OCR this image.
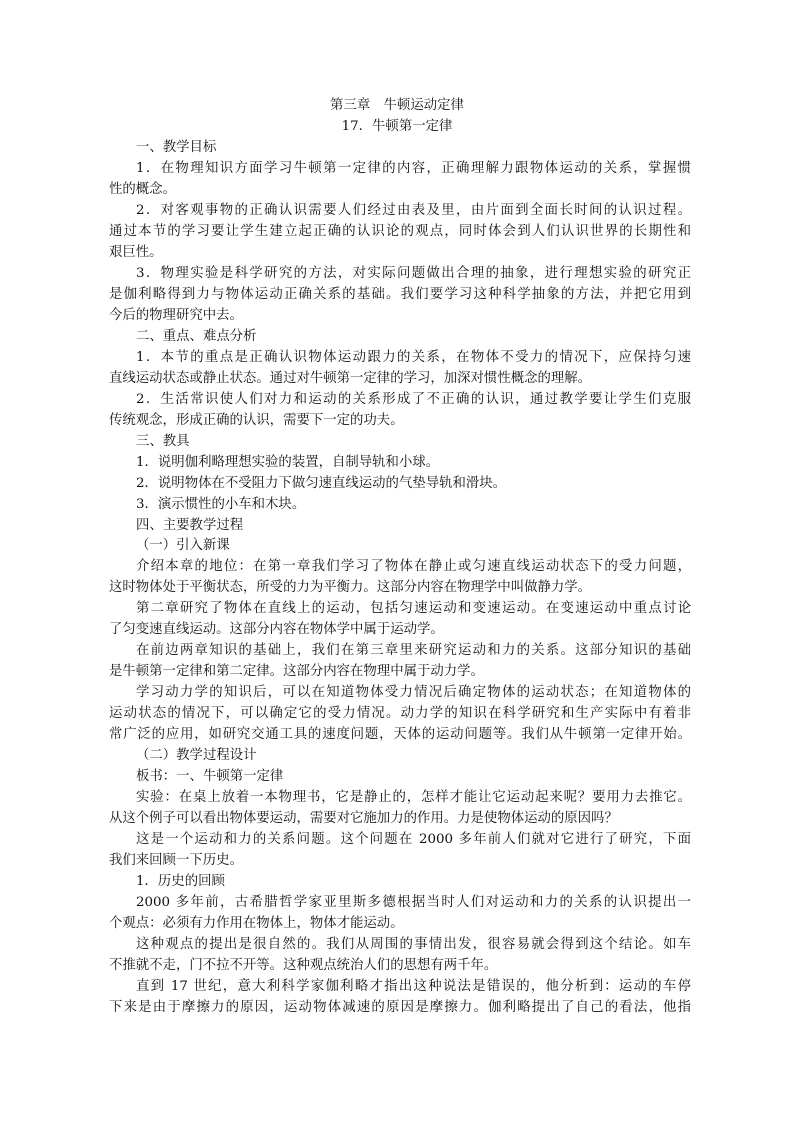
第三章　牛顿运动定律
17．牛顿第一定律
一、教学目标
1．在物理知识方面学习牛顿第一定律的内容，正确理解力跟物体运动的关系，掌握惯
性的概念。
2．对客观事物的正确认识需要人们经过由表及里，由片面到全面长时间的认识过程。
通过本节的学习要让学生建立起正确的认识论的观点，同时体会到人们认识世界的长期性和
艰巨性。
3．物理实验是科学研究的方法，对实际问题做出合理的抽象，进行理想实验的研究正
是伽利略得到力与物体运动正确关系的基础。我们要学习这种科学抽象的方法，并把它用到
今后的物理研究中去。
二、重点、难点分析
1．本节的重点是正确认识物体运动跟力的关系，在物体不受力的情况下，应保持匀速
直线运动状态或静止状态。通过对牛顿第一定律的学习，加深对惯性概念的理解。
2．生活常识使人们对力和运动的关系形成了不正确的认识，通过教学要让学生们克服
传统观念，形成正确的认识，需要下一定的功夫。
三、教具
1．说明伽利略理想实验的装置，自制导轨和小球。
2．说明物体在不受阻力下做匀速直线运动的气垫导轨和滑块。
3．演示惯性的小车和木块。
四、主要教学过程
（一）引入新课
介绍本章的地位：在第一章我们学习了物体在静止或匀速直线运动状态下的受力问题，
这时物体处于平衡状态，所受的力为平衡力。这部分内容在物理学中叫做静力学。
第二章研究了物体在直线上的运动，包括匀速运动和变速运动。在变速运动中重点讨论
了匀变速直线运动。这部分内容在物体学中属于运动学。
在前边两章知识的基础上，我们在第三章里来研究运动和力的关系。这部分知识的基础
是牛顿第一定律和第二定律。这部分内容在物理中属于动力学。
学习动力学的知识后，可以在知道物体受力情况后确定物体的运动状态；在知道物体的
运动状态的情况下，可以确定它的受力情况。动力学的知识在科学研究和生产实际中有着非
常广泛的应用，如研究交通工具的速度问题，天体的运动问题等。我们从牛顿第一定律开始。
（二）教学过程设计
板书：一、牛顿第一定律
实验：在桌上放着一本物理书，它是静止的，怎样才能让它运动起来呢？要用力去推它。
从这个例子可以看出物体要运动，需要对它施加力的作用。力是使物体运动的原因吗？
这是一个运动和力的关系问题。这个问题在 2000 多年前人们就对它进行了研究，下面
我们来回顾一下历史。
1．历史的回顾
2000 多年前，古希腊哲学家亚里斯多德根据当时人们对运动和力的关系的认识提出一
个观点：必须有力作用在物体上，物体才能运动。
这种观点的提出是很自然的。我们从周围的事情出发，很容易就会得到这个结论。如车
不推就不走，门不拉不开等。这种观点统治人们的思想有两千年。
直到 17 世纪，意大利科学家伽利略才指出这种说法是错误的，他分析到：运动的车停
下来是由于摩擦力的原因，运动物体减速的原因是摩擦力。伽利略提出了自己的看法，他指
